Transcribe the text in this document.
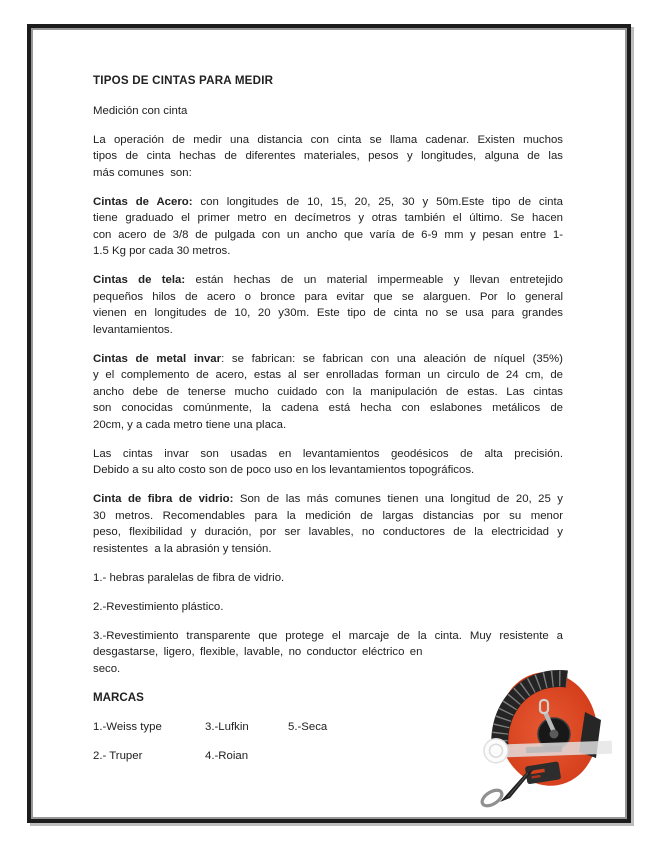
TIPOS DE CINTAS PARA MEDIR
Medición con cinta
La operación de medir una distancia con cinta se llama cadenar. Existen muchos
tipos de cinta hechas de diferentes materiales, pesos y longitudes, alguna de las
más comunes  son:
Cintas de Acero: con longitudes de 10, 15, 20, 25, 30 y 50m.Este tipo de cinta
tiene graduado el primer metro en decímetros y otras también el último. Se hacen
con acero de 3/8 de pulgada con un ancho que varía de 6-9 mm y pesan entre 1-
1.5 Kg por cada 30 metros.
Cintas de tela: están hechas de un material impermeable y llevan entretejido
pequeños hilos de acero o bronce para evitar que se alarguen. Por lo general
vienen en longitudes de 10, 20 y30m. Este tipo de cinta no se usa para grandes
levantamientos.
Cintas de metal invar: se fabrican: se fabrican con una aleación de níquel (35%)
y el complemento de acero, estas al ser enrolladas forman un circulo de 24 cm, de
ancho debe de tenerse mucho cuidado con la manipulación de estas. Las cintas
son conocidas comúnmente, la cadena está hecha con eslabones metálicos de
20cm, y a cada metro tiene una placa.
Las cintas invar son usadas en levantamientos geodésicos de alta precisión.
Debido a su alto costo son de poco uso en los levantamientos topográficos.
Cinta de fibra de vidrio: Son de las más comunes tienen una longitud de 20, 25 y
30 metros. Recomendables para la medición de largas distancias por su menor
peso, flexibilidad y duración, por ser lavables, no conductores de la electricidad y
resistentes  a la abrasión y tensión.
1.- hebras paralelas de fibra de vidrio.
2.-Revestimiento plástico.
3.-Revestimiento transparente que protege el marcaje de la cinta. Muy resistente a
desgastarse, ligero, flexible, lavable, no conductor eléctrico en
seco.
MARCAS
1.-Weiss type	3.-Lufkin	5.-Seca
2.- Truper	4.-Roian
